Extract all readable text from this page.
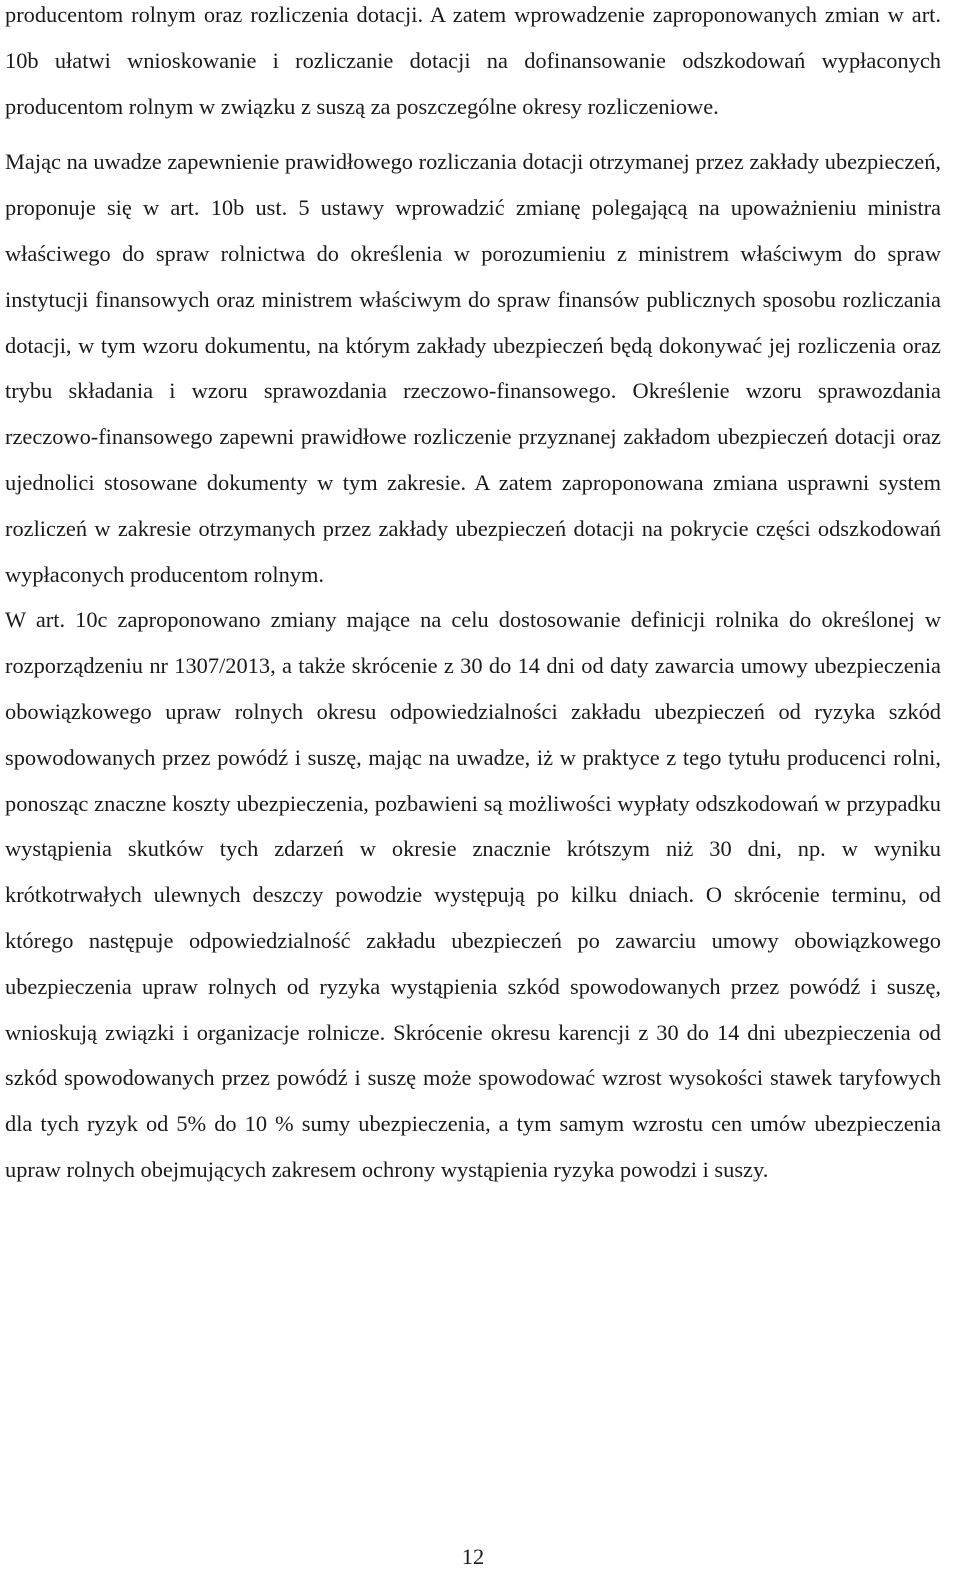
producentom rolnym oraz rozliczenia dotacji. A zatem wprowadzenie zaproponowanych zmian w art. 10b ułatwi wnioskowanie i rozliczanie dotacji na dofinansowanie odszkodowań wypłaconych producentom rolnym w związku z suszą za poszczególne okresy rozliczeniowe.

Mając na uwadze zapewnienie prawidłowego rozliczania dotacji otrzymanej przez zakłady ubezpieczeń, proponuje się w art. 10b ust. 5 ustawy wprowadzić zmianę polegającą na upoważnieniu ministra właściwego do spraw rolnictwa do określenia w porozumieniu z ministrem właściwym do spraw instytucji finansowych oraz ministrem właściwym do spraw finansów publicznych sposobu rozliczania dotacji, w tym wzoru dokumentu, na którym zakłady ubezpieczeń będą dokonywać jej rozliczenia oraz trybu składania i wzoru sprawozdania rzeczowo-finansowego. Określenie wzoru sprawozdania rzeczowo-finansowego zapewni prawidłowe rozliczenie przyznanej zakładom ubezpieczeń dotacji oraz ujednolici stosowane dokumenty w tym zakresie. A zatem zaproponowana zmiana usprawni system rozliczeń w zakresie otrzymanych przez zakłady ubezpieczeń dotacji na pokrycie części odszkodowań wypłaconych producentom rolnym.

W art. 10c zaproponowano zmiany mające na celu dostosowanie definicji rolnika do określonej w rozporządzeniu nr 1307/2013, a także skrócenie z 30 do 14 dni od daty zawarcia umowy ubezpieczenia obowiązkowego upraw rolnych okresu odpowiedzialności zakładu ubezpieczeń od ryzyka szkód spowodowanych przez powódź i suszę, mając na uwadze, iż w praktyce z tego tytułu producenci rolni, ponosząc znaczne koszty ubezpieczenia, pozbawieni są możliwości wypłaty odszkodowań w przypadku wystąpienia skutków tych zdarzeń w okresie znacznie krótszym niż 30 dni, np. w wyniku krótkotrwałych ulewnych deszczy powodzie występują po kilku dniach. O skrócenie terminu, od którego następuje odpowiedzialność zakładu ubezpieczeń po zawarciu umowy obowiązkowego ubezpieczenia upraw rolnych od ryzyka wystąpienia szkód spowodowanych przez powódź i suszę, wnioskują związki i organizacje rolnicze. Skrócenie okresu karencji z 30 do 14 dni ubezpieczenia od szkód spowodowanych przez powódź i suszę może spowodować wzrost wysokości stawek taryfowych dla tych ryzyk od 5% do 10 % sumy ubezpieczenia, a tym samym wzrostu cen umów ubezpieczenia upraw rolnych obejmujących zakresem ochrony wystąpienia ryzyka powodzi i suszy.

12
